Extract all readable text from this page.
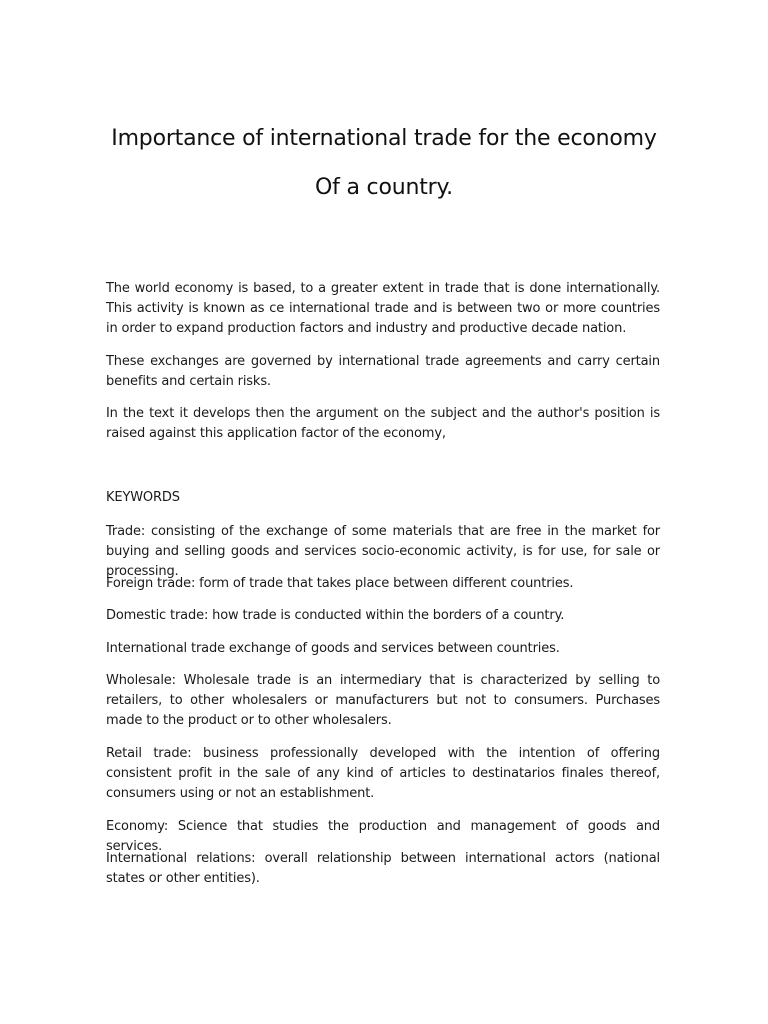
Importance of international trade for the economy
Of a country.

The world economy is based, to a greater extent in trade that is done internationally. This activity is known as ce international trade and is between two or more countries in order to expand production factors and industry and productive decade nation.

These exchanges are governed by international trade agreements and carry certain benefits and certain risks.

In the text it develops then the argument on the subject and the author's position is raised against this application factor of the economy,

KEYWORDS

Trade: consisting of the exchange of some materials that are free in the market for buying and selling goods and services socio-economic activity, is for use, for sale or processing.

Foreign trade: form of trade that takes place between different countries.

Domestic trade: how trade is conducted within the borders of a country.

International trade exchange of goods and services between countries.

Wholesale: Wholesale trade is an intermediary that is characterized by selling to retailers, to other wholesalers or manufacturers but not to consumers. Purchases made to the product or to other wholesalers.

Retail trade: business professionally developed with the intention of offering consistent profit in the sale of any kind of articles to destinatarios finales thereof, consumers using or not an establishment.

Economy: Science that studies the production and management of goods and services.

International relations: overall relationship between international actors (national states or other entities).
